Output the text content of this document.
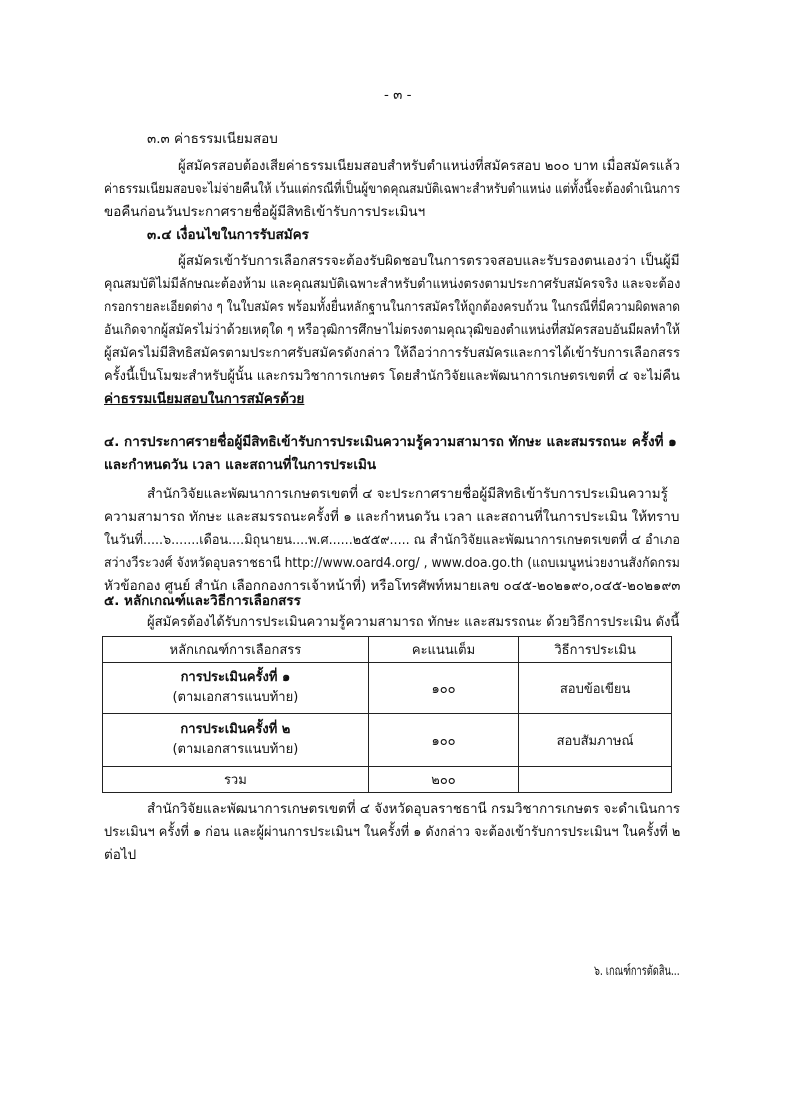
- ๓ -
๓.๓ ค่าธรรมเนียมสอบ
ผู้สมัครสอบต้องเสียค่าธรรมเนียมสอบสำหรับตำแหน่งที่สมัครสอบ ๒๐๐ บาท เมื่อสมัครแล้ว
ค่าธรรมเนียมสอบจะไม่จ่ายคืนให้ เว้นแต่กรณีที่เป็นผู้ขาดคุณสมบัติเฉพาะสำหรับตำแหน่ง แต่ทั้งนี้จะต้องดำเนินการ
ขอคืนก่อนวันประกาศรายชื่อผู้มีสิทธิเข้ารับการประเมินฯ
๓.๔ เงื่อนไขในการรับสมัคร
ผู้สมัครเข้ารับการเลือกสรรจะต้องรับผิดชอบในการตรวจสอบและรับรองตนเองว่า เป็นผู้มี
คุณสมบัติไม่มีลักษณะต้องห้าม และคุณสมบัติเฉพาะสำหรับตำแหน่งตรงตามประกาศรับสมัครจริง และจะต้อง
กรอกรายละเอียดต่าง ๆ ในใบสมัคร พร้อมทั้งยื่นหลักฐานในการสมัครให้ถูกต้องครบถ้วน ในกรณีที่มีความผิดพลาด
อันเกิดจากผู้สมัครไม่ว่าด้วยเหตุใด ๆ หรือวุฒิการศึกษาไม่ตรงตามคุณวุฒิของตำแหน่งที่สมัครสอบอันมีผลทำให้
ผู้สมัครไม่มีสิทธิสมัครตามประกาศรับสมัครดังกล่าว ให้ถือว่าการรับสมัครและการได้เข้ารับการเลือกสรร
ครั้งนี้เป็นโมฆะสำหรับผู้นั้น และกรมวิชาการเกษตร โดยสำนักวิจัยและพัฒนาการเกษตรเขตที่ ๔ จะไม่คืน
ค่าธรรมเนียมสอบในการสมัครด้วย
๔. การประกาศรายชื่อผู้มีสิทธิเข้ารับการประเมินความรู้ความสามารถ ทักษะ และสมรรถนะ ครั้งที่ ๑
และกำหนดวัน เวลา และสถานที่ในการประเมิน
สำนักวิจัยและพัฒนาการเกษตรเขตที่ ๔ จะประกาศรายชื่อผู้มีสิทธิเข้ารับการประเมินความรู้
ความสามารถ ทักษะ และสมรรถนะครั้งที่ ๑ และกำหนดวัน เวลา และสถานที่ในการประเมิน ให้ทราบ
ในวันที่.....๖.......เดือน....มิถุนายน....พ.ศ......๒๕๕๙..... ณ สำนักวิจัยและพัฒนาการเกษตรเขตที่ ๔ อำเภอ
สว่างวีระวงศ์ จังหวัดอุบลราชธานี http://www.oard4.org/ , www.doa.go.th (แถบเมนูหน่วยงานสังกัดกรม
หัวข้อกอง ศูนย์ สำนัก เลือกกองการเจ้าหน้าที่) หรือโทรศัพท์หมายเลข ๐๔๕-๒๐๒๑๙๐,๐๔๕-๒๐๒๑๙๓
๕. หลักเกณฑ์และวิธีการเลือกสรร
ผู้สมัครต้องได้รับการประเมินความรู้ความสามารถ ทักษะ และสมรรถนะ ด้วยวิธีการประเมิน ดังนี้
หลักเกณฑ์การเลือกสรร	คะแนนเต็ม	วิธีการประเมิน

การประเมินครั้งที่ ๑
(ตามเอกสารแนบท้าย)	๑๐๐	สอบข้อเขียน

การประเมินครั้งที่ ๒
(ตามเอกสารแนบท้าย)	๑๐๐	สอบสัมภาษณ์
รวม	๒๐๐	
สำนักวิจัยและพัฒนาการเกษตรเขตที่ ๔ จังหวัดอุบลราชธานี กรมวิชาการเกษตร จะดำเนินการ
ประเมินฯ ครั้งที่ ๑ ก่อน และผู้ผ่านการประเมินฯ ในครั้งที่ ๑ ดังกล่าว จะต้องเข้ารับการประเมินฯ ในครั้งที่ ๒
ต่อไป
๖. เกณฑ์การตัดสิน...
